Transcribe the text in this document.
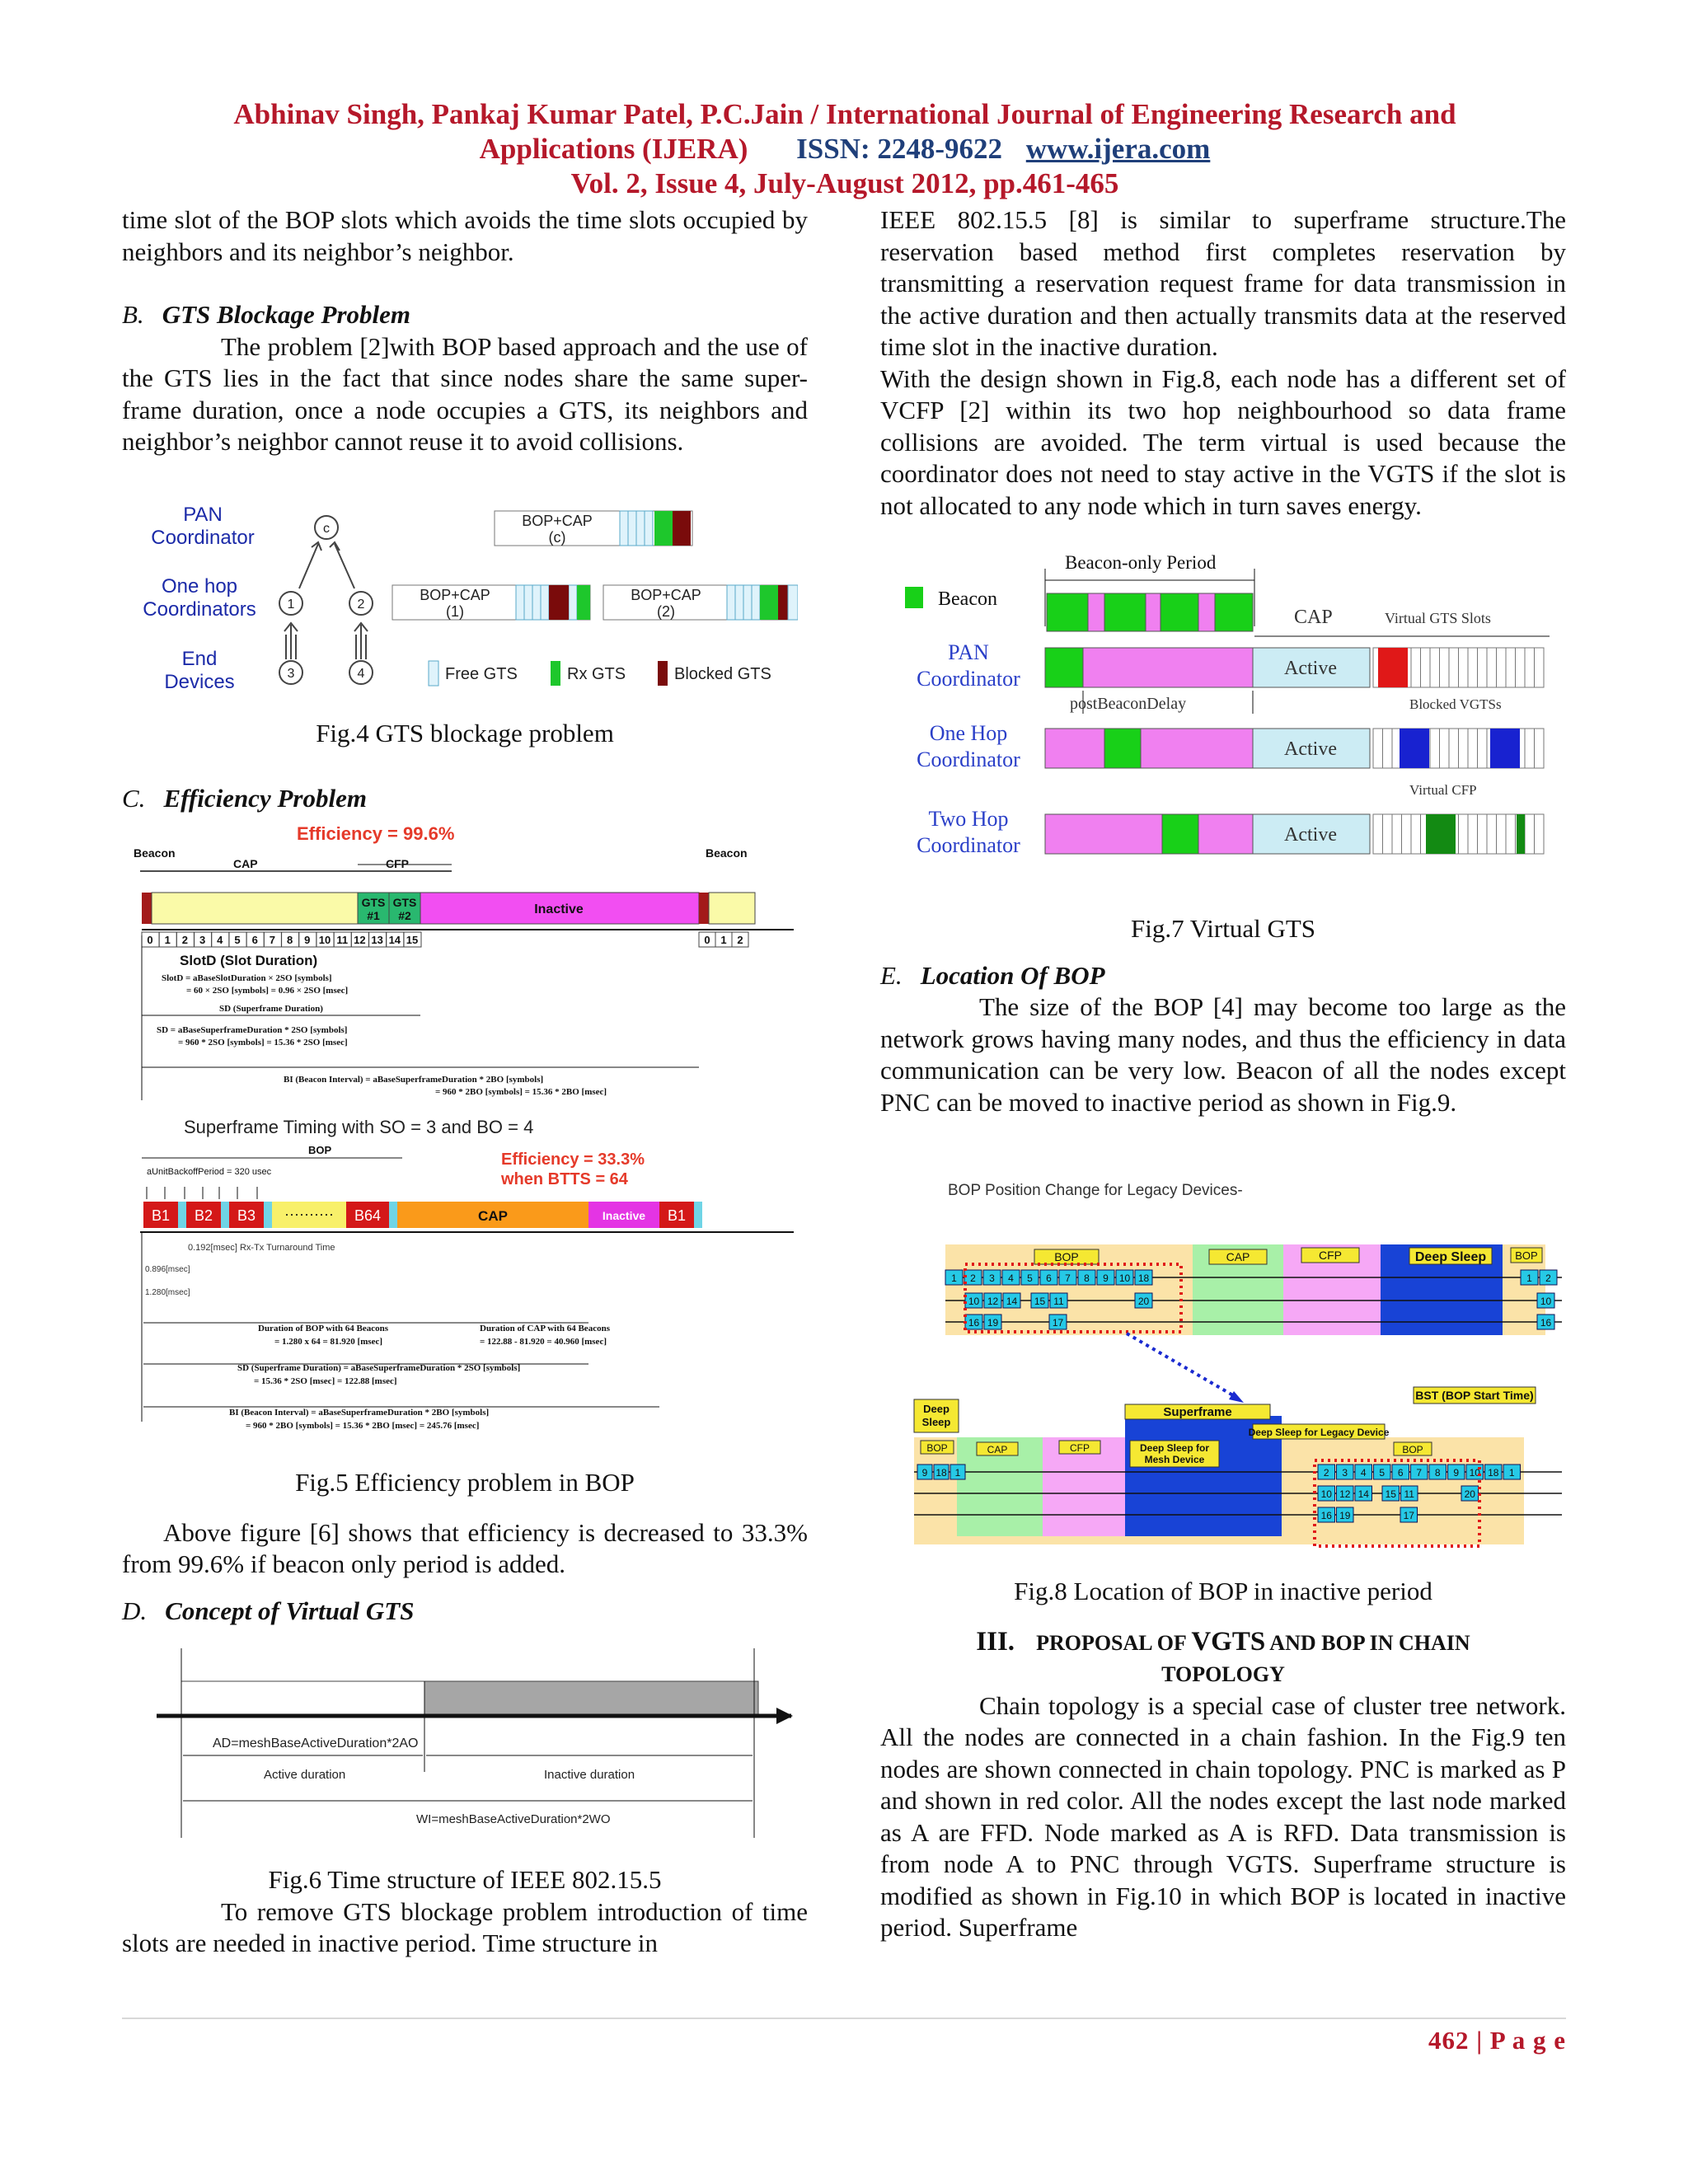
Abhinav Singh, Pankaj Kumar Patel, P.C.Jain / International Journal of Engineering Research and
Applications (IJERA) ISSN: 2248-9622 www.ijera.com
Vol. 2, Issue 4, July-August 2012, pp.461-465

time slot of the BOP slots which avoids the time slots occupied by neighbors and its neighbor’s neighbor.

B. GTS Blockage Problem

The problem [2]with BOP based approach and the use of the GTS lies in the fact that since nodes share the same super-frame duration, once a node occupies a GTS, its neighbors and neighbor’s neighbor cannot reuse it to avoid collisions.

PAN
Coordinator
One hop
Coordinators
End
Devices
c
1	2
3	4
BOP+CAP
(c)
BOP+CAP
(1)
BOP+CAP
(2)
Free GTS	Rx GTS	Blocked GTS

Fig.4 GTS blockage problem

C. Efficiency Problem

Efficiency = 99.6%
Beacon	Beacon
CAP	CFP
GTS
#1
GTS
#2	Inactive
0 1 2 3 4 5 6 7 8 9 10 11 12 13 14 15	0 1 2
SlotD (Slot Duration)
SlotD = aBaseSlotDuration × 2SO [symbols]
= 60 × 2SO [symbols] = 0.96 × 2SO [msec]
SD (Superframe Duration)
SD = aBaseSuperframeDuration * 2SO [symbols]
= 960 * 2SO [symbols] = 15.36 * 2SO [msec]
BI (Beacon Interval) = aBaseSuperframeDuration * 2BO [symbols]
= 960 * 2BO [symbols] = 15.36 * 2BO [msec]
Superframe Timing with SO = 3 and BO = 4
BOP
Efficiency = 33.3%
when BTTS = 64
aUnitBackoffPeriod = 320 usec
B1 B2 B3	B64	B1
··········	CAP	Inactive
0.192[msec] Rx-Tx Turnaround Time
0.896[msec]
1.280[msec]
Duration of BOP with 64 Beacons
= 1.280 x 64 = 81.920 [msec]
Duration of CAP with 64 Beacons
= 122.88 - 81.920 = 40.960 [msec]
SD (Superframe Duration) = aBaseSuperframeDuration * 2SO [symbols]
= 15.36 * 2SO [msec] = 122.88 [msec]
BI (Beacon Interval) = aBaseSuperframeDuration * 2BO [symbols]
= 960 * 2BO [symbols] = 15.36 * 2BO [msec] = 245.76 [msec]

Fig.5 Efficiency problem in BOP

Above figure [6] shows that efficiency is decreased to 33.3% from 99.6% if beacon only period is added.

D. Concept of Virtual GTS

AD=meshBaseActiveDuration*2AO
Active duration	Inactive duration
WI=meshBaseActiveDuration*2WO

Fig.6 Time structure of IEEE 802.15.5

To remove GTS blockage problem introduction of time slots are needed in inactive period. Time structure in

IEEE 802.15.5 [8] is similar to superframe structure.The reservation based method first completes reservation by transmitting a reservation request frame for data transmission in the active duration and then actually transmits data at the reserved time slot in the inactive duration.

With the design shown in Fig.8, each node has a different set of VCFP [2] within its two hop neighbourhood so data frame collisions are avoided. The term virtual is used because the coordinator does not need to stay active in the VGTS if the slot is not allocated to any node which in turn saves energy.

Beacon
Beacon-only Period
CAP	Virtual GTS Slots
PAN
Coordinator	Active
postBeaconDelay	Blocked VGTSs
One Hop
Coordinator	Active
Virtual CFP
Two Hop
Coordinator	Active

Fig.7 Virtual GTS

E. Location Of BOP

The size of the BOP [4] may become too large as the network grows having many nodes, and thus the efficiency in data communication can be very low. Beacon of all the nodes except PNC can be moved to inactive period as shown in Fig.9.

BOP Position Change for Legacy Devices-
BOP	CAP	CFP	Deep Sleep	BOP
1 2 3 4 5 6 7 8 9 10 18
10 12 14 15 11	20
16 19	17
1 2
10
16
BST (BOP Start Time)
Deep
Sleep
Superframe
Deep Sleep for Legacy Device
BOP	CAP	CFP	Deep Sleep for
Mesh Device
BOP
9 18 1	2 3 4 5 6 7 8 9 10 18 1
10 12 14 15 11	20
16 19	17

Fig.8 Location of BOP in inactive period

III. PROPOSAL OF VGTS AND BOP IN CHAIN
TOPOLOGY

Chain topology is a special case of cluster tree network. All the nodes are connected in a chain fashion. In the Fig.9 ten nodes are shown connected in chain topology. PNC is marked as P and shown in red color. All the nodes except the last node marked as A are FFD. Node marked as A is RFD. Data transmission is from node A to PNC through VGTS. Superframe structure is modified as shown in Fig.10 in which BOP is located in inactive period. Superframe

462 | P a g e
